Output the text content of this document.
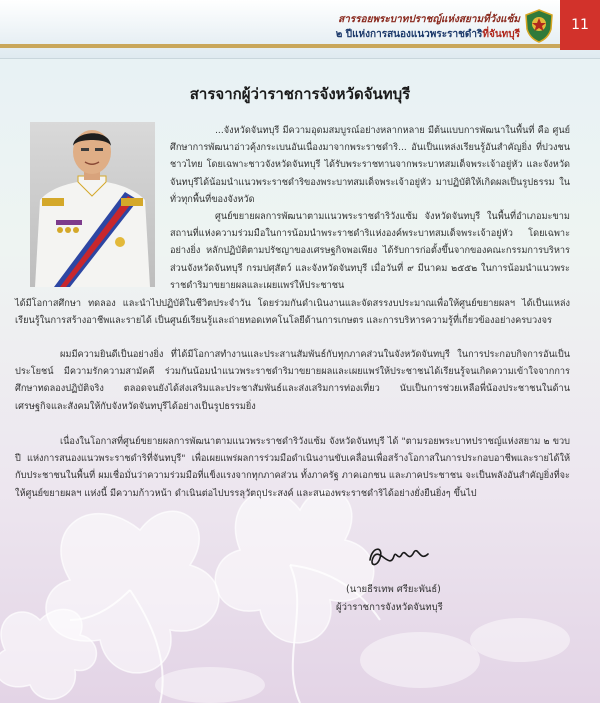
สารรอยพระบาทปราชญ์แห่งสยามที่วังแซ้ม
๒ ปีแห่งการสนองแนวพระราชดำริที่จันทบุรี
11
สารจากผู้ว่าราชการจังหวัดจันทบุรี

...จังหวัดจันทบุรี มีความอุดมสมบูรณ์อย่างหลากหลาย มีต้นแบบการพัฒนาในพื้นที่ คือ ศูนย์ศึกษาการพัฒนาอ่าวคุ้งกระเบนอันเนื่องมาจากพระราชดำริ... อันเป็นแหล่งเรียนรู้อันสำคัญยิ่ง ที่ปวงชนชาวไทย โดยเฉพาะชาวจังหวัดจันทบุรี ได้รับพระราชทานจากพระบาทสมเด็จพระเจ้าอยู่หัว และจังหวัดจันทบุรีได้น้อมนำแนวพระราชดำริของพระบาทสมเด็จพระเจ้าอยู่หัว มาปฏิบัติให้เกิดผลเป็นรูปธรรม ในทั่วทุกพื้นที่ของจังหวัด

ศูนย์ขยายผลการพัฒนาตามแนวพระราชดำริวังแซ้ม จังหวัดจันทบุรี ในพื้นที่อำเภอมะขาม สถานที่แห่งความร่วมมือในการน้อมนำพระราชดำริแห่งองค์พระบาทสมเด็จพระเจ้าอยู่หัว โดยเฉพาะอย่างยิ่ง หลักปฏิบัติตามปรัชญาของเศรษฐกิจพอเพียง ได้รับการก่อตั้งขึ้นจากของคณะกรรมการบริหารส่วนจังหวัดจันทบุรี กรมปศุสัตว์ และจังหวัดจันทบุรี เมื่อวันที่ ๙ มีนาคม ๒๕๕๒ ในการน้อมนำแนวพระราชดำริมาขยายผลและเผยแพร่ให้ประชาชน

ได้มีโอกาสศึกษา ทดลอง และนำไปปฏิบัติในชีวิตประจำวัน โดยร่วมกันดำเนินงานและจัดสรรงบประมาณเพื่อให้ศูนย์ขยายผลฯ ได้เป็นแหล่งเรียนรู้ในการสร้างอาชีพและรายได้ เป็นศูนย์เรียนรู้และถ่ายทอดเทคโนโลยีด้านการเกษตร และการบริหารความรู้ที่เกี่ยวข้องอย่างครบวงจร

ผมมีความยินดีเป็นอย่างยิ่ง ที่ได้มีโอกาสทำงานและประสานสัมพันธ์กับทุกภาคส่วนในจังหวัดจันทบุรี ในการประกอบกิจการอันเป็นประโยชน์ มีความรักความสามัคคี ร่วมกันน้อมนำแนวพระราชดำริมาขยายผลและเผยแพร่ให้ประชาชนได้เรียนรู้จนเกิดความเข้าใจจากการศึกษาทดลองปฏิบัติจริง ตลอดจนยังได้ส่งเสริมและประชาสัมพันธ์และส่งเสริมการท่องเที่ยว นับเป็นการช่วยเหลือพี่น้องประชาชนในด้านเศรษฐกิจและสังคมให้กับจังหวัดจันทบุรีได้อย่างเป็นรูปธรรมยิ่ง

เนื่องในโอกาสที่ศูนย์ขยายผลการพัฒนาตามแนวพระราชดำริวังแซ้ม จังหวัดจันทบุรี ได้ "ตามรอยพระบาทปราชญ์แห่งสยาม ๒ ขวบปี แห่งการสนองแนวพระราชดำริที่จันทบุรี" เพื่อเผยแพร่ผลการร่วมมือดำเนินงานขับเคลื่อนเพื่อสร้างโอกาสในการประกอบอาชีพและรายได้ให้กับประชาชนในพื้นที่ ผมเชื่อมั่นว่าความร่วมมือที่แข็งแรงจากทุกภาคส่วน ทั้งภาครัฐ ภาคเอกชน และภาคประชาชน จะเป็นพลังอันสำคัญยิ่งที่จะให้ศูนย์ขยายผลฯ แห่งนี้ มีความก้าวหน้า ดำเนินต่อไปบรรลุวัตถุประสงค์ และสนองพระราชดำริได้อย่างยั่งยืนยิ่งๆ ขึ้นไป

(นายธีรเทพ ศรียะพันธ์)
ผู้ว่าราชการจังหวัดจันทบุรี
